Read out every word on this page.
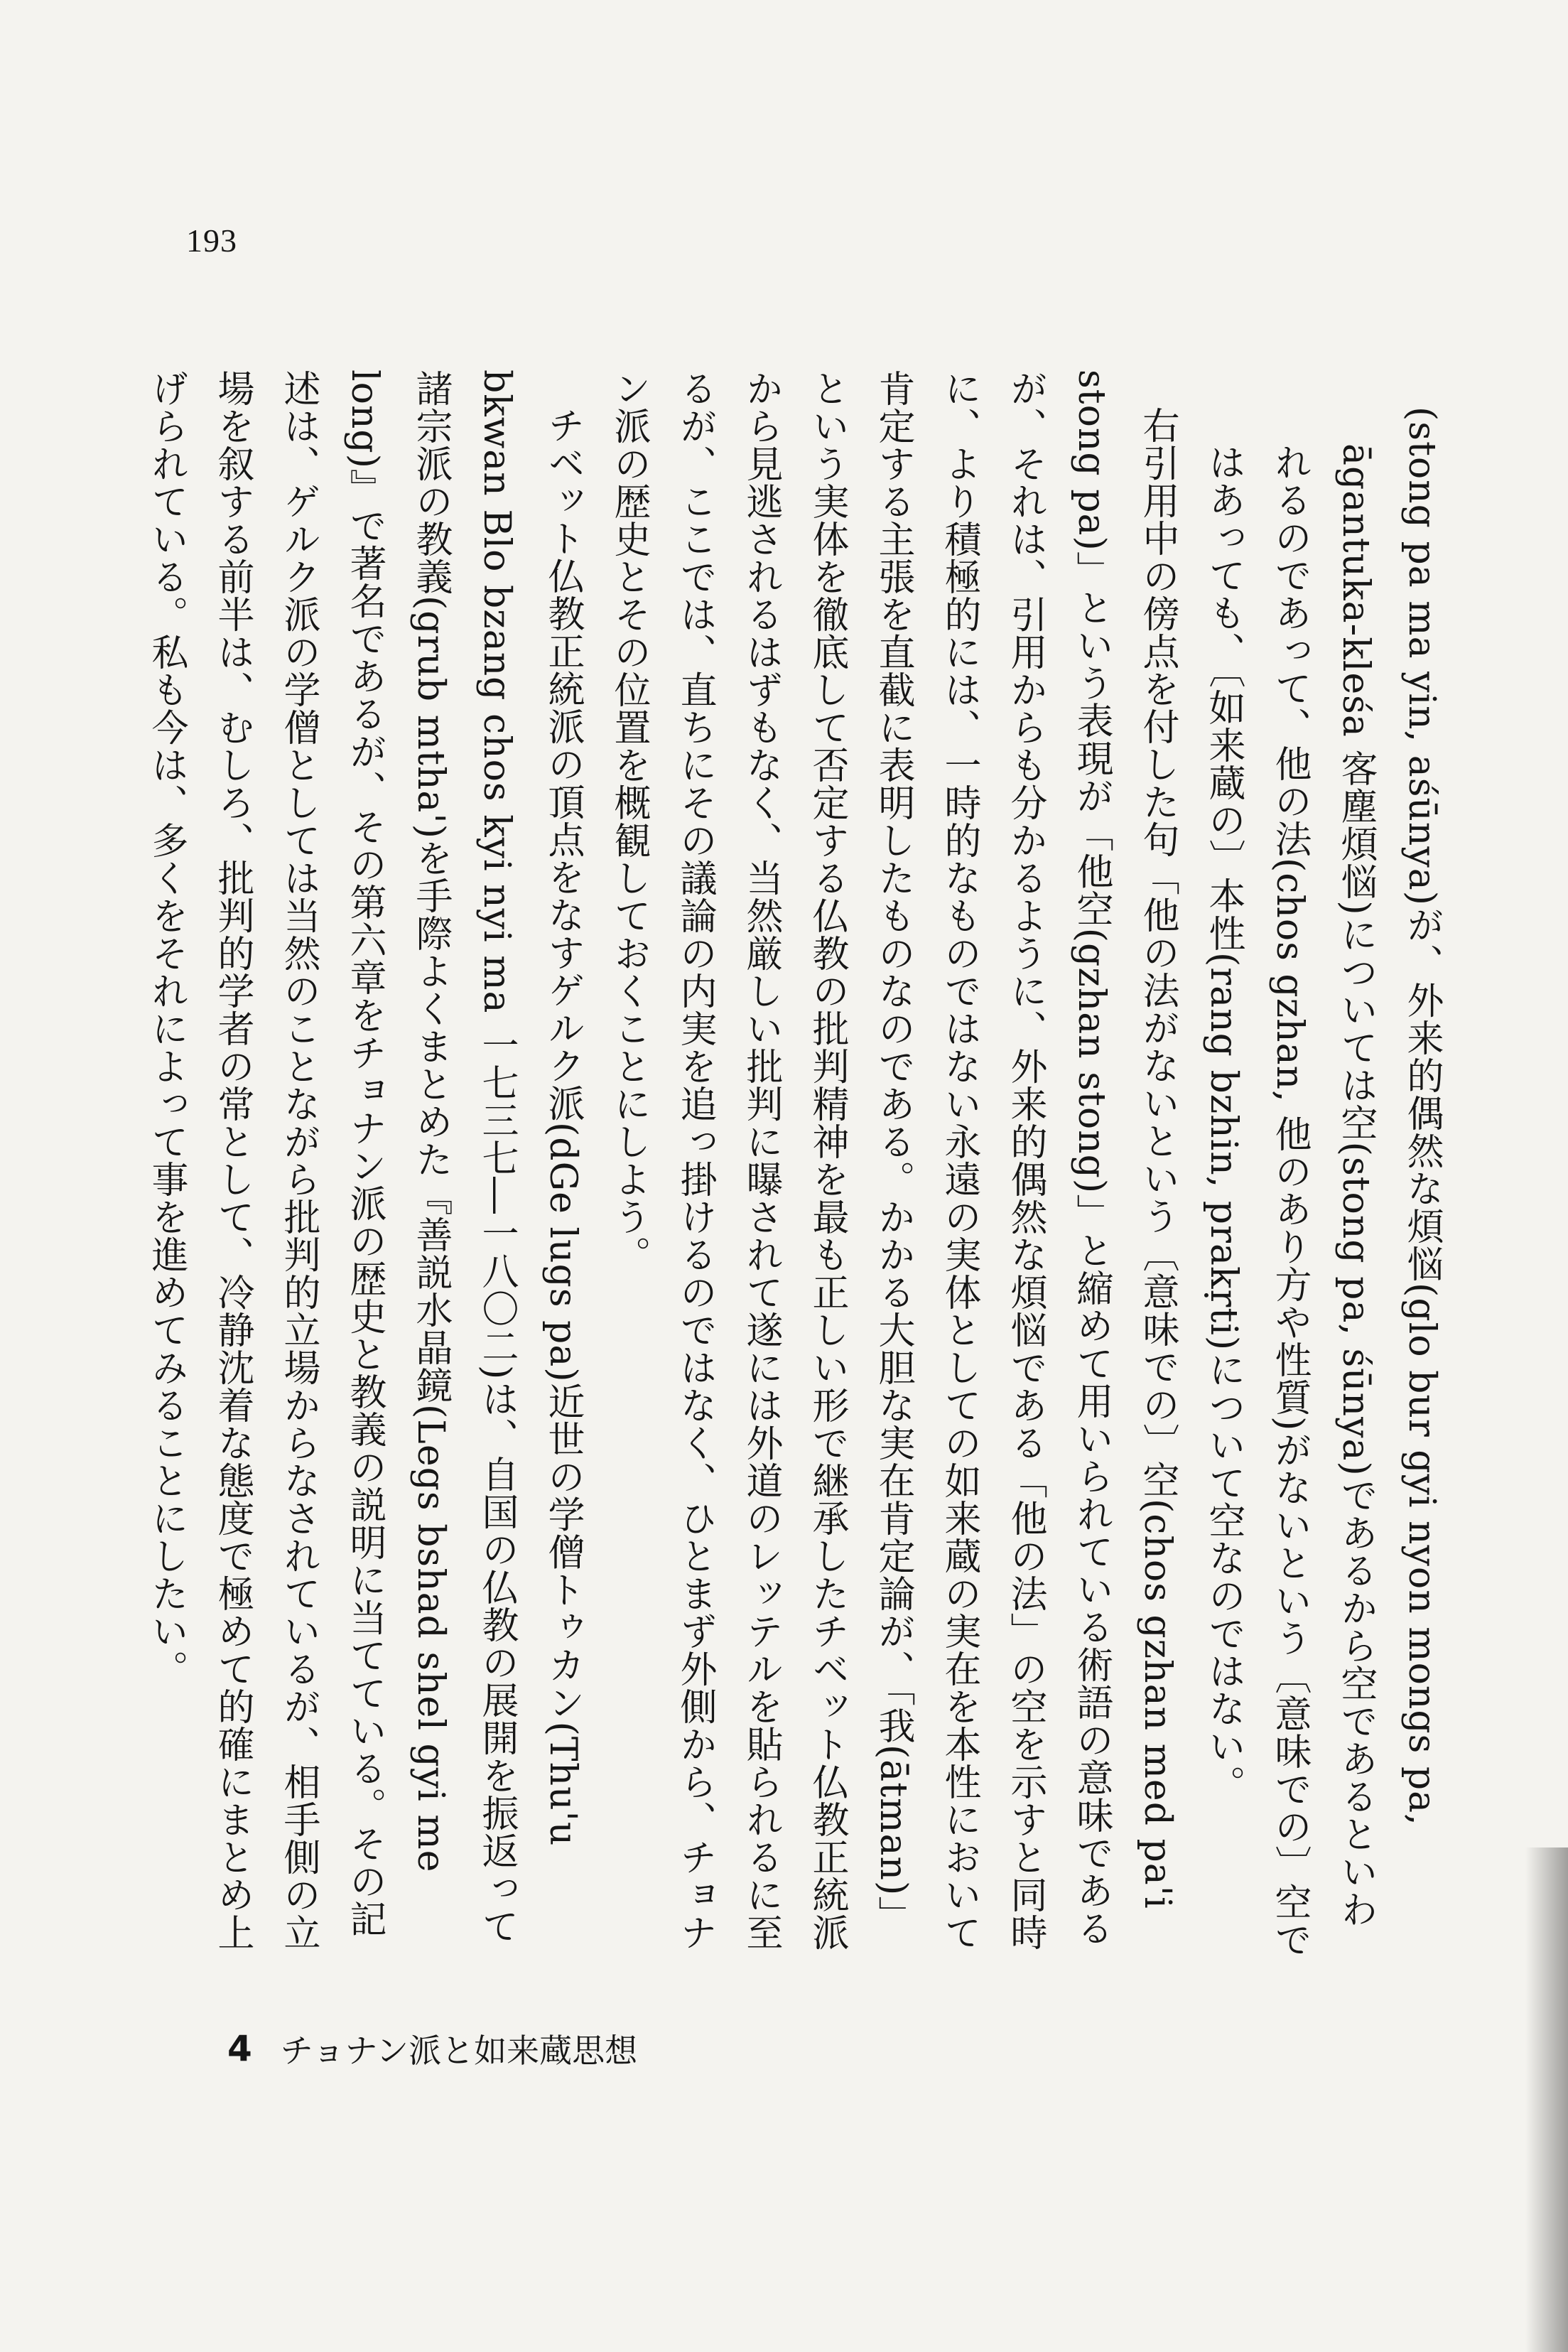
193

(stong pa ma yin, aśūnya)が、外来的偶然な煩悩(glo bur gyi nyon mongs pa, āgantuka-kleśa 客塵煩悩)については空(stong pa, śūnya)であるから空であるといわれるのであって、他の法(chos gzhan, 他のあり方や性質)がないという〔意味での〕空ではあっても、〔如来蔵の〕本性(rang bzhin, prakṛti)について空なのではない。

右引用中の傍点を付した句「他の法がないという〔意味での〕空(chos gzhan med pa'i stong pa)」という表現が「他空(gzhan stong)」と縮めて用いられている術語の意味であるが、それは、引用からも分かるように、外来的偶然な煩悩である「他の法」の空を示すと同時に、より積極的には、一時的なものではない永遠の実体としての如来蔵の実在を本性において肯定する主張を直截に表明したものなのである。かかる大胆な実在肯定論が、「我(ātman)」という実体を徹底して否定する仏教の批判精神を最も正しい形で継承したチベット仏教正統派から見逃されるはずもなく、当然厳しい批判に曝されて遂には外道のレッテルを貼られるに至るが、ここでは、直ちにその議論の内実を追っ掛けるのではなく、ひとまず外側から、チョナン派の歴史とその位置を概観しておくことにしよう。

チベット仏教正統派の頂点をなすゲルク派(dGe lugs pa)近世の学僧トゥカン(Thu'u bkwan Blo bzang chos kyi nyi ma 一七三七―一八〇二)は、自国の仏教の展開を振返って諸宗派の教義(grub mtha')を手際よくまとめた『善説水晶鏡(Legs bshad shel gyi me long)』で著名であるが、その第六章をチョナン派の歴史と教義の説明に当てている。その記述は、ゲルク派の学僧としては当然のことながら批判的立場からなされているが、相手側の立場を叙する前半は、むしろ、批判的学者の常として、冷静沈着な態度で極めて的確にまとめ上げられている。私も今は、多くをそれによって事を進めてみることにしたい。

4 チョナン派と如来蔵思想
